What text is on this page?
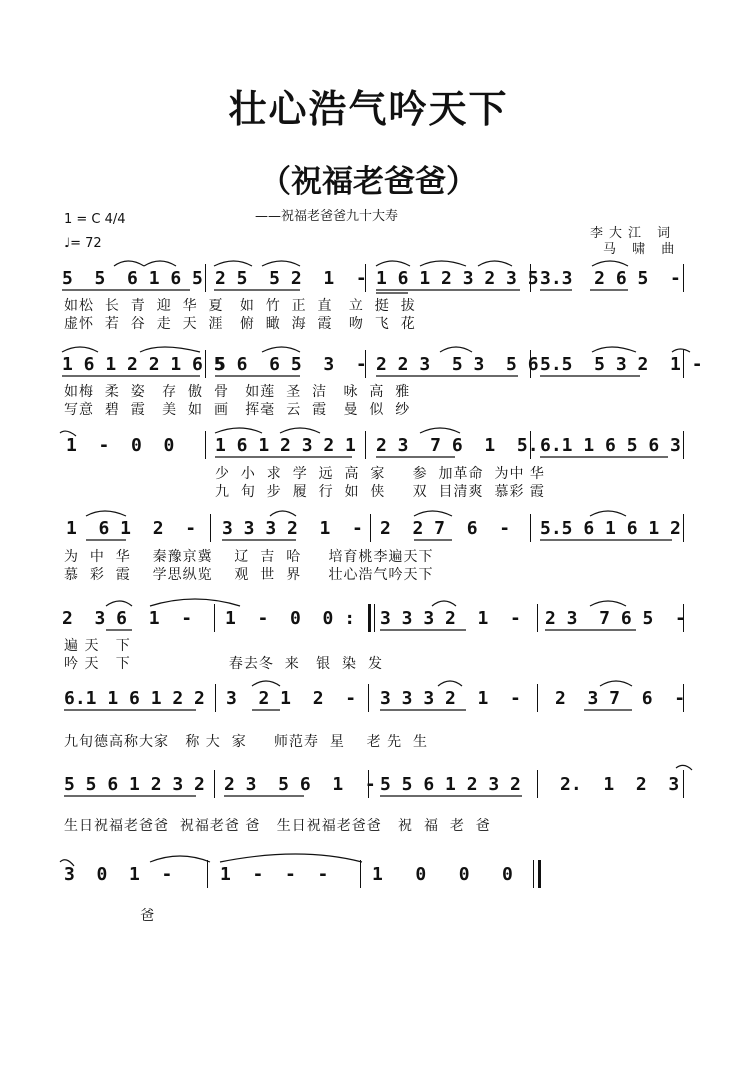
壮心浩气吟天下
（祝福老爸爸）
——祝福老爸爸九十大寿
1 = C 4/4
♩= 72
李大江 词
马 啸 曲
5  5  6 1 6 5 2 5  5 2  1  - 1 6 1 2 3 2 3 5 3.3  2 6 5  -
如松  长  青  迎  华  夏   如  竹  正  直   立  挺  拔
虚怀  若  谷  走  天  涯   俯  瞰  海  霞   吻  飞  花
1 6 1 2 2 1 6 5
5 6  6 5  3  - 2 2 3  5 3  5 6 5.5  5 3 2  1 -
如梅  柔  姿   存  傲  骨   如莲  圣  洁   咏  高  雅
写意  碧  霞   美  如  画   挥毫  云  霞   曼  似  纱
1  -  0  0 1 6 1 2 3 2 1 2 3  7 6  1  5. 6.1 1 6 5 6 3
少  小  求  学  远  高  家     参  加革命  为中 华
九  旬  步  履  行  如  侠     双  目清爽  慕彩 霞
1  6 1  2  - 3 3 3 2  1  - 2  2 7  6  - 5.5 6 1 6 1 2
为  中  华    秦豫京冀    辽  吉  哈     培育桃李遍天下
慕  彩  霞    学思纵览    观  世  界     壮心浩气吟天下
2  3 6  1  - 1  -  0  0 : 3 3 3 2  1  - 2 3  7 6 5  -
遍 天   下
吟 天   下                  春去冬  来   银  染  发
6.1 1 6 1 2 2 3  2 1  2  - 3 3 3 2  1  - 2  3 7  6  -
九旬德高称大家   称 大  家     师范寿  星    老 先  生
5 5 6 1 2 3 2 2 3  5 6  1  - 5 5 6 1 2 3 2 2.  1  2  3
生日祝福老爸爸  祝福老爸 爸   生日祝福老爸爸   祝  福  老  爸
3  0  1  -	1  -  -  - 1   0   0   0
爸
